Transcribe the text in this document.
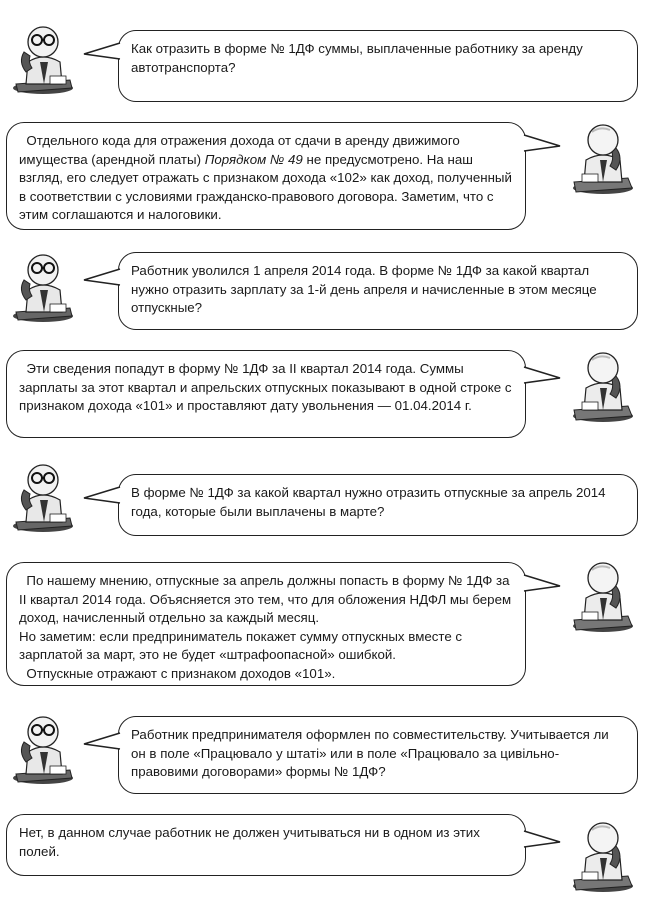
Как отразить в форме № 1ДФ суммы, выплаченные работнику за аренду автотранспорта?

Отдельного кода для отражения дохода от сдачи в аренду движимого имущества (арендной платы) Порядком № 49 не предусмотрено. На наш взгляд, его следует отражать с признаком дохода «102» как доход, полученный в соответствии с условиями гражданско-правового договора. Заметим, что с этим соглашаются и налоговики.

Работник уволился 1 апреля 2014 года. В форме № 1ДФ за какой квартал нужно отразить зарплату за 1-й день апреля и начисленные в этом месяце отпускные?

Эти сведения попадут в форму № 1ДФ за II квартал 2014 года. Суммы зарплаты за этот квартал и апрельских отпускных показывают в одной строке с признаком дохода «101» и проставляют дату увольнения — 01.04.2014 г.

В форме № 1ДФ за какой квартал нужно отразить отпускные за апрель 2014 года, которые были выплачены в марте?

По нашему мнению, отпускные за апрель должны попасть в форму № 1ДФ за II квартал 2014 года. Объясняется это тем, что для обложения НДФЛ мы берем доход, начисленный отдельно за каждый месяц.

Но заметим: если предприниматель покажет сумму отпускных вместе с зарплатой за март, это не будет «штрафоопасной» ошибкой.

Отпускные отражают с признаком доходов «101».

Работник предпринимателя оформлен по совместительству. Учитывается ли он в поле «Працювало у штаті» или в поле «Працювало за цивільно-правовими договорами» формы № 1ДФ?

Нет, в данном случае работник не должен учитываться ни в одном из этих полей.
